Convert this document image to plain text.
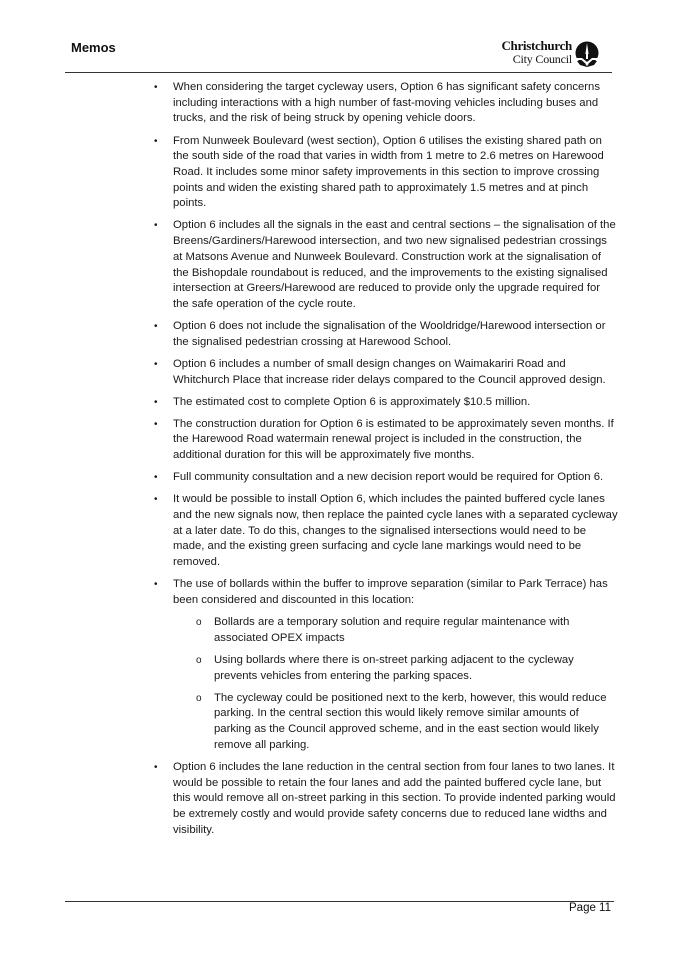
Memos	Christchurch
City Council
•	When considering the target cycleway users, Option 6 has significant safety concerns including interactions with a high number of fast-moving vehicles including buses and trucks, and the risk of being struck by opening vehicle doors.

•	From Nunweek Boulevard (west section), Option 6 utilises the existing shared path on the south side of the road that varies in width from 1 metre to 2.6 metres on Harewood Road. It includes some minor safety improvements in this section to improve crossing points and widen the existing shared path to approximately 1.5 metres and at pinch points.

•	Option 6 includes all the signals in the east and central sections – the signalisation of the Breens/Gardiners/Harewood intersection, and two new signalised pedestrian crossings at Matsons Avenue and Nunweek Boulevard. Construction work at the signalisation of the Bishopdale roundabout is reduced, and the improvements to the existing signalised intersection at Greers/Harewood are reduced to provide only the upgrade required for the safe operation of the cycle route.

•	Option 6 does not include the signalisation of the Wooldridge/Harewood intersection or the signalised pedestrian crossing at Harewood School.

•	Option 6 includes a number of small design changes on Waimakariri Road and Whitchurch Place that increase rider delays compared to the Council approved design.

•	The estimated cost to complete Option 6 is approximately $10.5 million.

•	The construction duration for Option 6 is estimated to be approximately seven months. If the Harewood Road watermain renewal project is included in the construction, the additional duration for this will be approximately five months.

•	Full community consultation and a new decision report would be required for Option 6.

•	It would be possible to install Option 6, which includes the painted buffered cycle lanes and the new signals now, then replace the painted cycle lanes with a separated cycleway at a later date. To do this, changes to the signalised intersections would need to be made, and the existing green surfacing and cycle lane markings would need to be removed.

•	The use of bollards within the buffer to improve separation (similar to Park Terrace) has been considered and discounted in this location:

o	Bollards are a temporary solution and require regular maintenance with associated OPEX impacts

o	Using bollards where there is on-street parking adjacent to the cycleway prevents vehicles from entering the parking spaces.

o	The cycleway could be positioned next to the kerb, however, this would reduce parking. In the central section this would likely remove similar amounts of parking as the Council approved scheme, and in the east section would likely remove all parking.

•	Option 6 includes the lane reduction in the central section from four lanes to two lanes. It would be possible to retain the four lanes and add the painted buffered cycle lane, but this would remove all on-street parking in this section. To provide indented parking would be extremely costly and would provide safety concerns due to reduced lane widths and visibility.

Page 11
